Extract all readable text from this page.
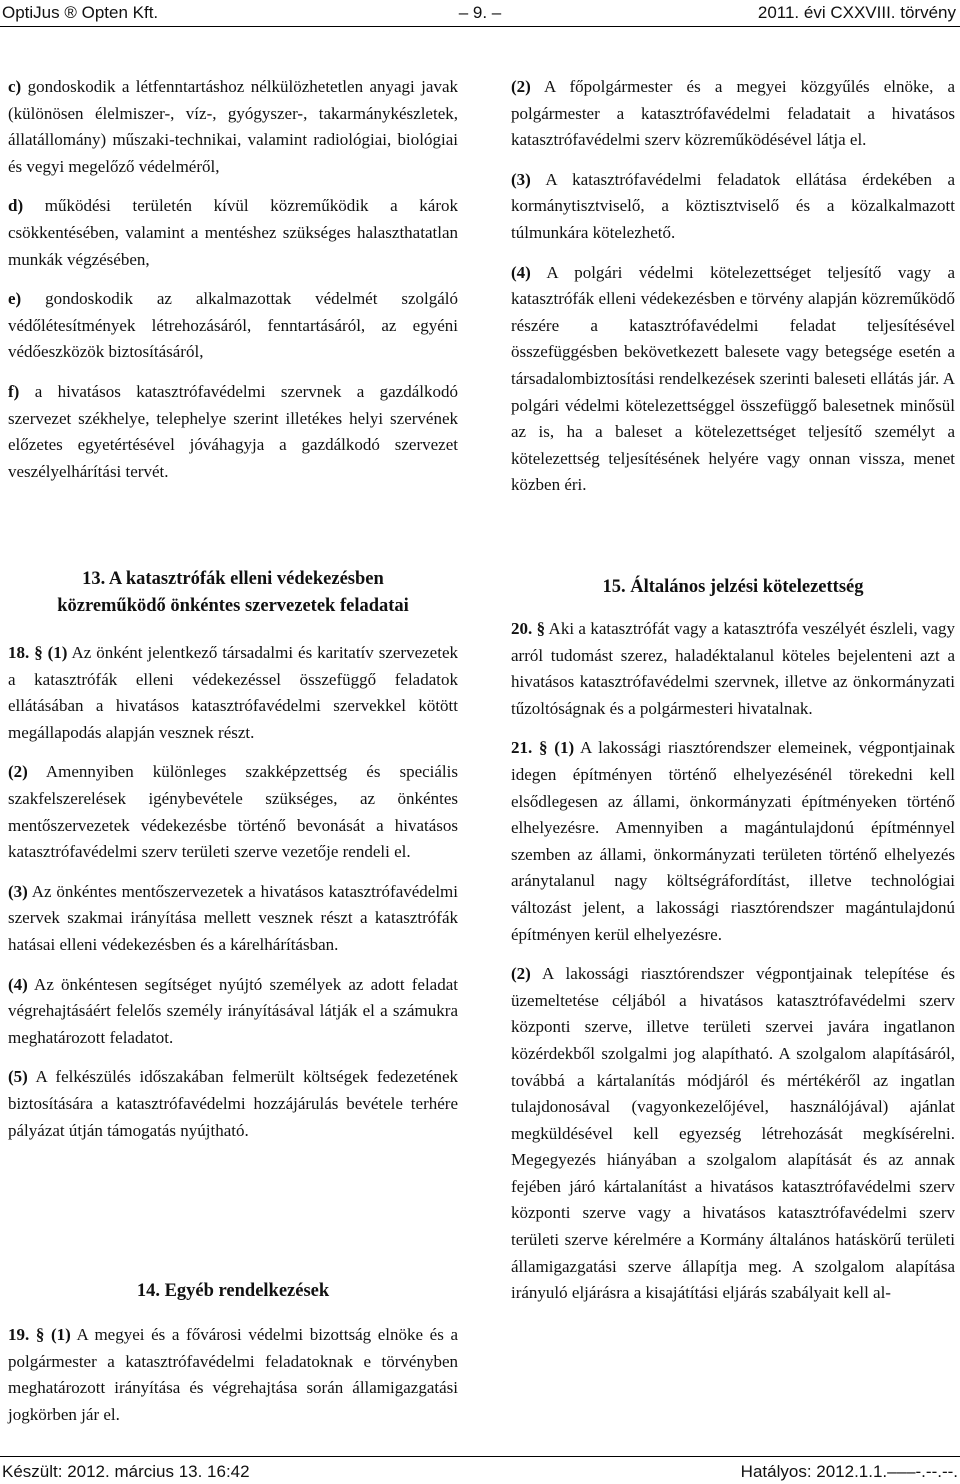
OptiJus ® Opten Kft.	– 9. –	2011. évi CXXVIII. törvény

c) gondoskodik a létfenntartáshoz nélkülözhetetlen anyagi javak (különösen élelmiszer-, víz-, gyógyszer-, takarmánykészletek, állatállomány) műszaki-technikai, valamint radiológiai, biológiai és vegyi megelőző védelméről,

d) működési területén kívül közreműködik a károk csökkentésében, valamint a mentéshez szükséges halaszthatatlan munkák végzésében,

e) gondoskodik az alkalmazottak védelmét szolgáló védőlétesítmények létrehozásáról, fenntartásáról, az egyéni védőeszközök biztosításáról,

f) a hivatásos katasztrófavédelmi szervnek a gazdálkodó szervezet székhelye, telephelye szerint illetékes helyi szervének előzetes egyetértésével jóváhagyja a gazdálkodó szervezet veszélyelhárítási tervét.

13. A katasztrófák elleni védekezésben

közreműködő önkéntes szervezetek feladatai

18. § (1) Az önként jelentkező társadalmi és karitatív szervezetek a katasztrófák elleni védekezéssel összefüggő feladatok ellátásában a hivatásos katasztrófavédelmi szervekkel kötött megállapodás alapján vesznek részt.

(2) Amennyiben különleges szakképzettség és speciális szakfelszerelések igénybevétele szükséges, az önkéntes mentőszervezetek védekezésbe történő bevonását a hivatásos katasztrófavédelmi szerv területi szerve vezetője rendeli el.

(3) Az önkéntes mentőszervezetek a hivatásos katasztrófavédelmi szervek szakmai irányítása mellett vesznek részt a katasztrófák hatásai elleni védekezésben és a kárelhárításban.

(4) Az önkéntesen segítséget nyújtó személyek az adott feladat végrehajtásáért felelős személy irányításával látják el a számukra meghatározott feladatot.

(5) A felkészülés időszakában felmerült költségek fedezetének biztosítására a katasztrófavédelmi hozzájárulás bevétele terhére pályázat útján támogatás nyújtható.

14. Egyéb rendelkezések

19. § (1) A megyei és a fővárosi védelmi bizottság elnöke és a polgármester a katasztrófavédelmi feladatoknak e törvényben meghatározott irányítása és végrehajtása során államigazgatási jogkörben jár el.

(2) A főpolgármester és a megyei közgyűlés elnöke, a polgármester a katasztrófavédelmi feladatait a hivatásos katasztrófavédelmi szerv közreműködésével látja el.

(3) A katasztrófavédelmi feladatok ellátása érdekében a kormánytisztviselő, a köztisztviselő és a közalkalmazott túlmunkára kötelezhető.

(4) A polgári védelmi kötelezettséget teljesítő vagy a katasztrófák elleni védekezésben e törvény alapján közreműködő részére a katasztrófavédelmi feladat teljesítésével összefüggésben bekövetkezett balesete vagy betegsége esetén a társadalombiztosítási rendelkezések szerinti baleseti ellátás jár. A polgári védelmi kötelezettséggel összefüggő balesetnek minősül az is, ha a baleset a kötelezettséget teljesítő személyt a kötelezettség teljesítésének helyére vagy onnan vissza, menet közben éri.

15. Általános jelzési kötelezettség

20. § Aki a katasztrófát vagy a katasztrófa veszélyét észleli, vagy arról tudomást szerez, haladéktalanul köteles bejelenteni azt a hivatásos katasztrófavédelmi szervnek, illetve az önkormányzati tűzoltóságnak és a polgármesteri hivatalnak.

21. § (1) A lakossági riasztórendszer elemeinek, végpontjainak idegen építményen történő elhelyezésénél törekedni kell elsődlegesen az állami, önkormányzati építményeken történő elhelyezésre. Amennyiben a magántulajdonú építménnyel szemben az állami, önkormányzati területen történő elhelyezés aránytalanul nagy költségráfordítást, illetve technológiai változást jelent, a lakossági riasztórendszer magántulajdonú építményen kerül elhelyezésre.

(2) A lakossági riasztórendszer végpontjainak telepítése és üzemeltetése céljából a hivatásos katasztrófavédelmi szerv központi szerve, illetve területi szervei javára ingatlanon közérdekből szolgalmi jog alapítható. A szolgalom alapításáról, továbbá a kártalanítás módjáról és mértékéről az ingatlan tulajdonosával (vagyonkezelőjével, használójával) ajánlat megküldésével kell egyezség létrehozását megkísérelni. Megegyezés hiányában a szolgalom alapítását és az annak fejében járó kártalanítást a hivatásos katasztrófavédelmi szerv központi szerve vagy a hivatásos katasztrófavédelmi szerv területi szerve kérelmére a Kormány általános hatáskörű területi államigazgatási szerve állapítja meg. A szolgalom alapítása irányuló eljárásra a kisajátítási eljárás szabályait kell al-

Készült: 2012. március 13. 16:42	Hatályos: 2012.1.1.–––-.--.--.
